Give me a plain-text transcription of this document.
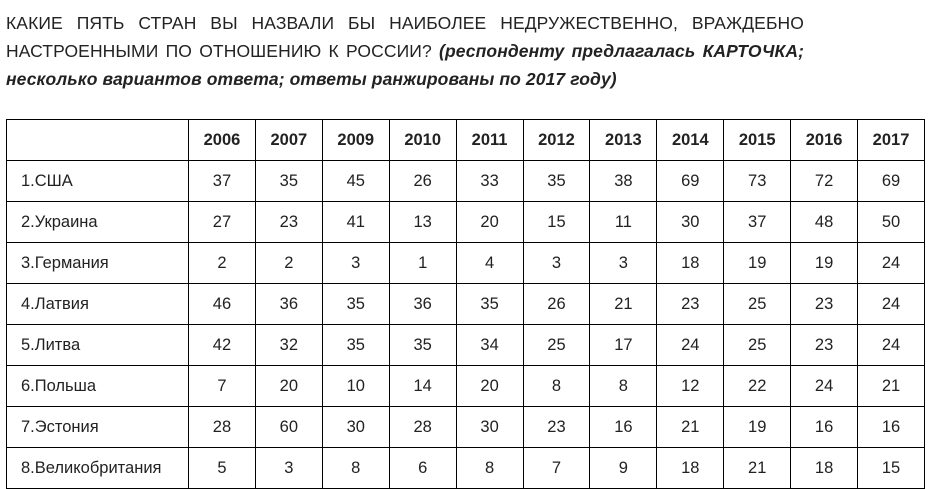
КАКИЕ ПЯТЬ СТРАН ВЫ НАЗВАЛИ БЫ НАИБОЛЕЕ НЕДРУЖЕСТВЕННО, ВРАЖДЕБНО НАСТРОЕННЫМИ ПО ОТНОШЕНИЮ К РОССИИ? (респонденту предлагалась КАРТОЧКА; несколько вариантов ответа; ответы ранжированы по 2017 году)
	2006	2007	2009	2010	2011	2012	2013	2014	2015	2016	2017
1.США	37	35	45	26	33	35	38	69	73	72	69
2.Украина	27	23	41	13	20	15	11	30	37	48	50
3.Германия	2	2	3	1	4	3	3	18	19	19	24
4.Латвия	46	36	35	36	35	26	21	23	25	23	24
5.Литва	42	32	35	35	34	25	17	24	25	23	24
6.Польша	7	20	10	14	20	8	8	12	22	24	21
7.Эстония	28	60	30	28	30	23	16	21	19	16	16
8.Великобритания	5	3	8	6	8	7	9	18	21	18	15
